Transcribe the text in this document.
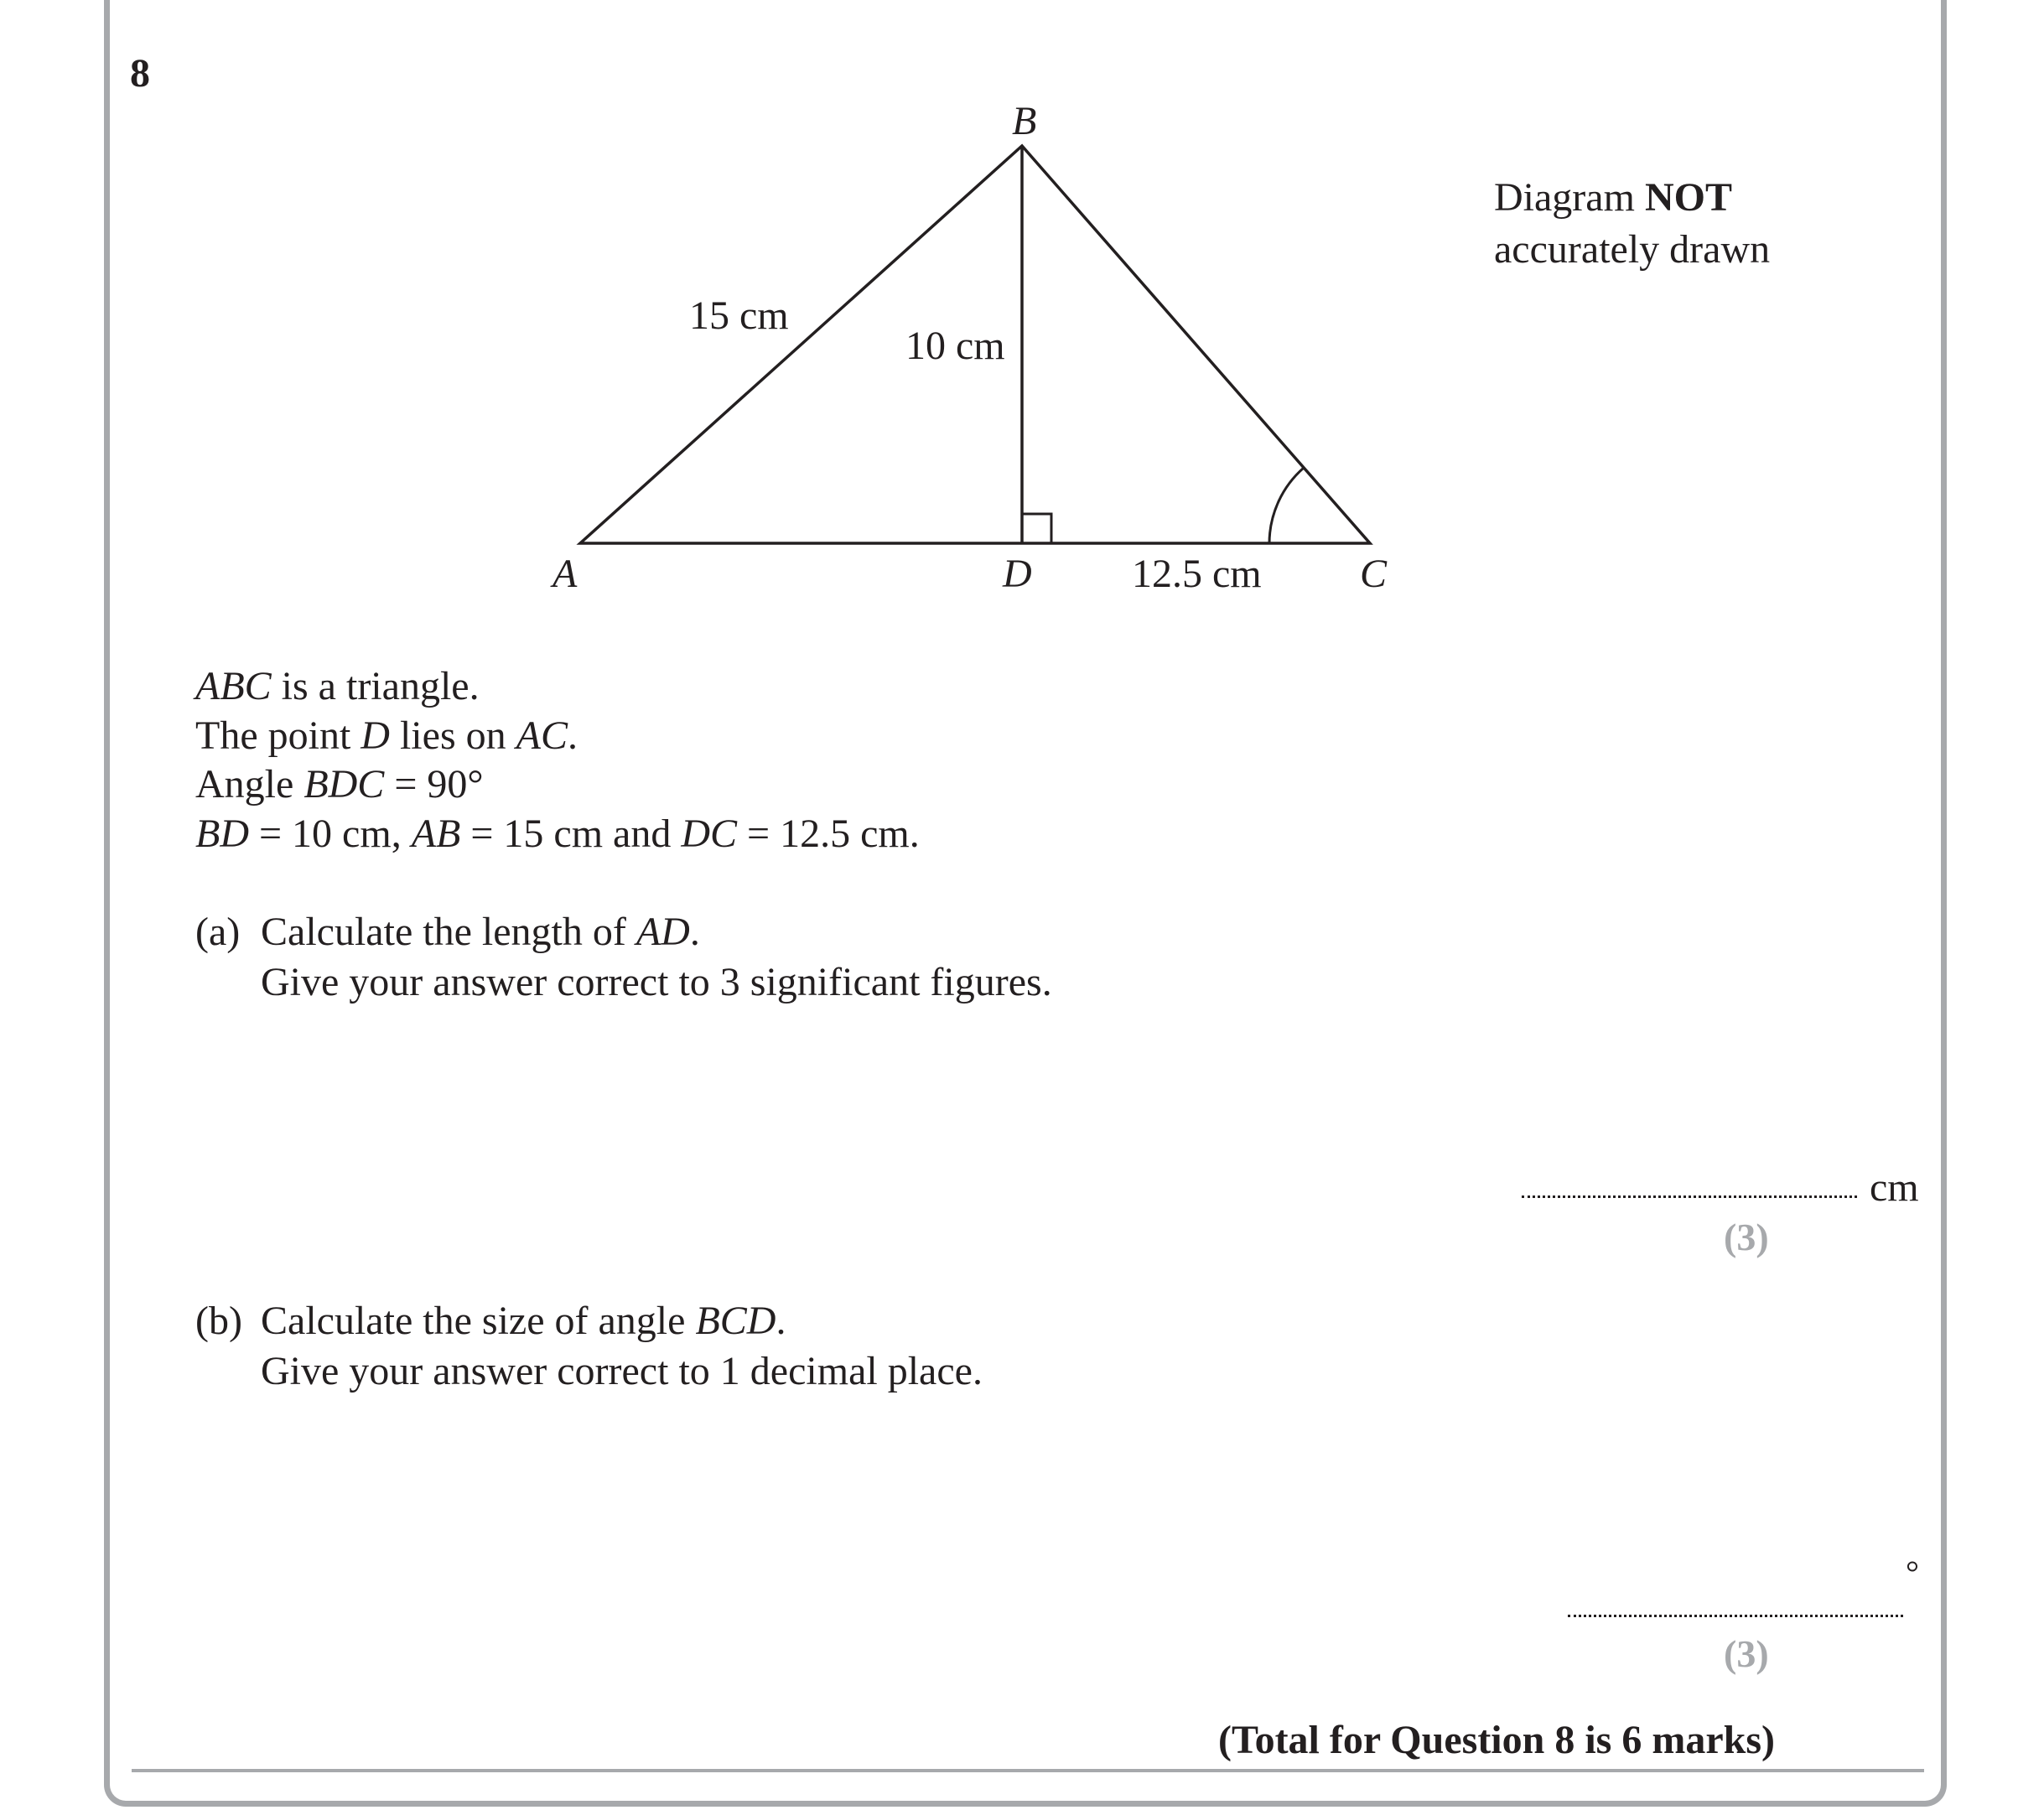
8
B
A	D	C
15 cm
10 cm
12.5 cm
Diagram NOT
accurately drawn
ABC is a triangle.
The point D lies on AC.
Angle BDC = 90°
BD = 10 cm, AB = 15 cm and DC = 12.5 cm.
(a) Calculate the length of AD.
Give your answer correct to 3 significant figures.
cm
(3)
(b) Calculate the size of angle BCD.
Give your answer correct to 1 decimal place.
°
(3)
(Total for Question 8 is 6 marks)
